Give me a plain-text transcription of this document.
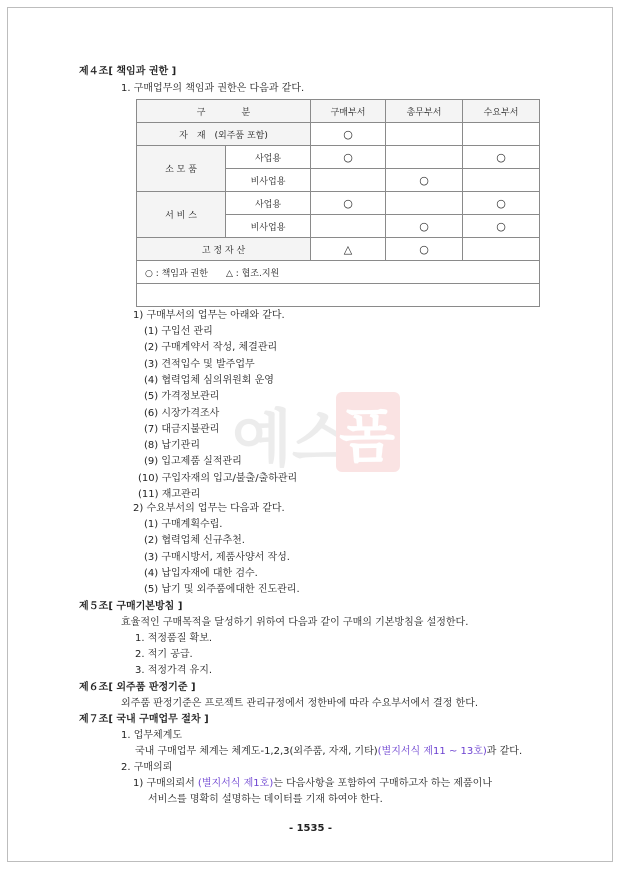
예스
폼
제４조[ 책임과 권한 ]
1. 구매업무의 책임과 권한은 다음과 같다.
구　　　　분		구매부서	총무부서	수요부서
자　재　(외주품 포함)		○		
소 모 품	사업용	○		○
	비사업용		○	
서 비 스	사업용	○		○
	비사업용		○	○
고 정 자 산		△	○	
○ : 책임과 권한　　△ : 협조.지원				

1) 구매부서의 업무는 아래와 같다.
(1) 구입선 관리
(2) 구매계약서 작성, 체결관리
(3) 견적입수 및 발주업무
(4) 협력업체 심의위원회 운영
(5) 가격정보관리
(6) 시장가격조사
(7) 대금지불관리
(8) 납기관리
(9) 입고제품 실적관리
(10) 구입자재의 입고/불출/출하관리
(11) 재고관리
2) 수요부서의 업무는 다음과 같다.
(1) 구매계획수립.
(2) 협력업체 신규추천.
(3) 구매시방서, 제품사양서 작성.
(4) 납입자재에 대한 검수.
(5) 납기 및 외주품에대한 진도관리.
제５조[ 구매기본방침 ]
효율적인 구매목적을 달성하기 위하여 다음과 같이 구매의 기본방침을 설정한다.
1. 적정품질 확보.
2. 적기 공급.
3. 적정가격 유지.
제６조[ 외주품 판정기준 ]
외주품 판정기준은 프로젝트 관리규정에서 정한바에 따라 수요부서에서 결정 한다.
제７조[ 국내 구매업무 절차 ]
1. 업무체계도
국내 구매업무 체계는 체계도-1,2,3(외주품, 자재, 기타)(별지서식 제11 ~ 13호)과 같다.
2. 구매의뢰
1) 구매의뢰서 (별지서식 제1호)는 다음사항을 포함하여 구매하고자 하는 제품이나
서비스를 명확히 설명하는 데이터를 기재 하여야 한다.
- 1535 -
